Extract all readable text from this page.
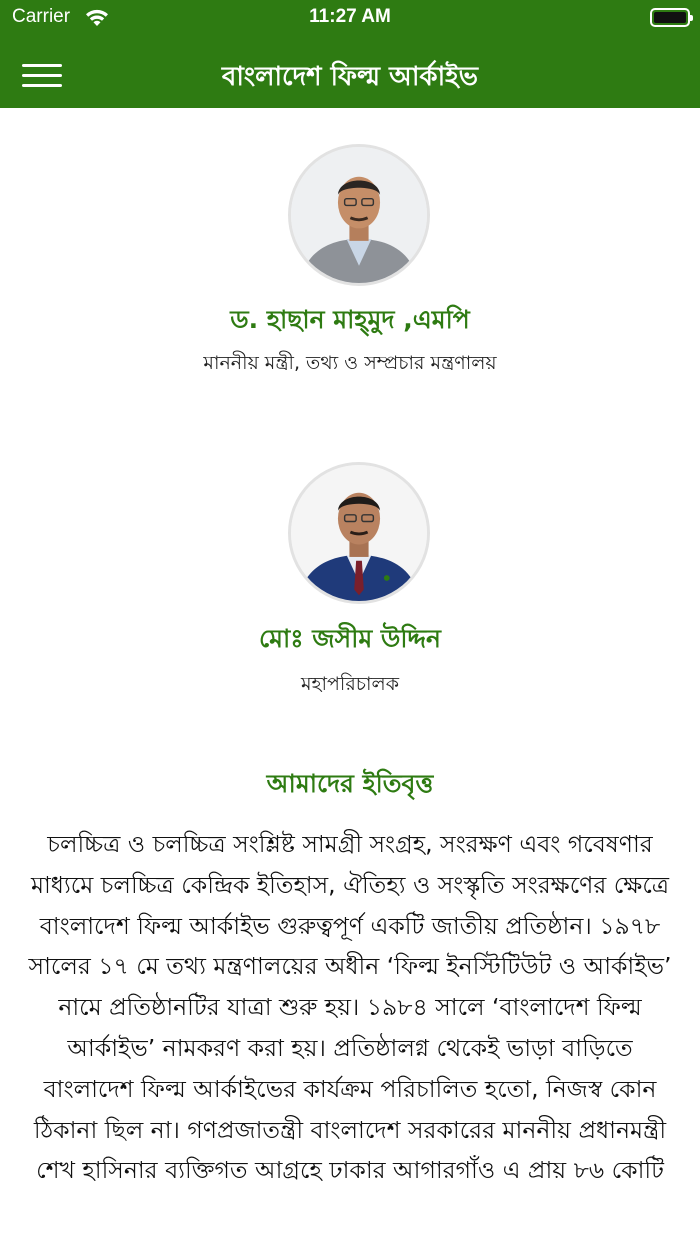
Carrier	11:27 AM
বাংলাদেশ ফিল্ম আর্কাইভ
ড. হাছান মাহ্‌মুদ ,এমপি
মাননীয় মন্ত্রী, তথ্য ও সম্প্রচার মন্ত্রণালয়
মোঃ জসীম উদ্দিন
মহাপরিচালক
আমাদের ইতিবৃত্ত
চলচ্চিত্র ও চলচ্চিত্র সংশ্লিষ্ট সামগ্রী সংগ্রহ, সংরক্ষণ এবং গবেষণার মাধ্যমে চলচ্চিত্র কেন্দ্রিক ইতিহাস, ঐতিহ্য ও সংস্কৃতি সংরক্ষণের ক্ষেত্রে বাংলাদেশ ফিল্ম আর্কাইভ গুরুত্বপূর্ণ একটি জাতীয় প্রতিষ্ঠান। ১৯৭৮ সালের ১৭ মে তথ্য মন্ত্রণালয়ের অধীন ‘ফিল্ম ইনস্টিটিউট ও আর্কাইভ’ নামে প্রতিষ্ঠানটির যাত্রা শুরু হয়। ১৯৮৪ সালে ‘বাংলাদেশ ফিল্ম আর্কাইভ’ নামকরণ করা হয়। প্রতিষ্ঠালগ্ন থেকেই ভাড়া বাড়িতে বাংলাদেশ ফিল্ম আর্কাইভের কার্যক্রম পরিচালিত হতো, নিজস্ব কোন ঠিকানা ছিল না। গণপ্রজাতন্ত্রী বাংলাদেশ সরকারের মাননীয় প্রধানমন্ত্রী শেখ হাসিনার ব্যক্তিগত আগ্রহে ঢাকার আগারগাঁও এ প্রায় ৮৬ কোটি
